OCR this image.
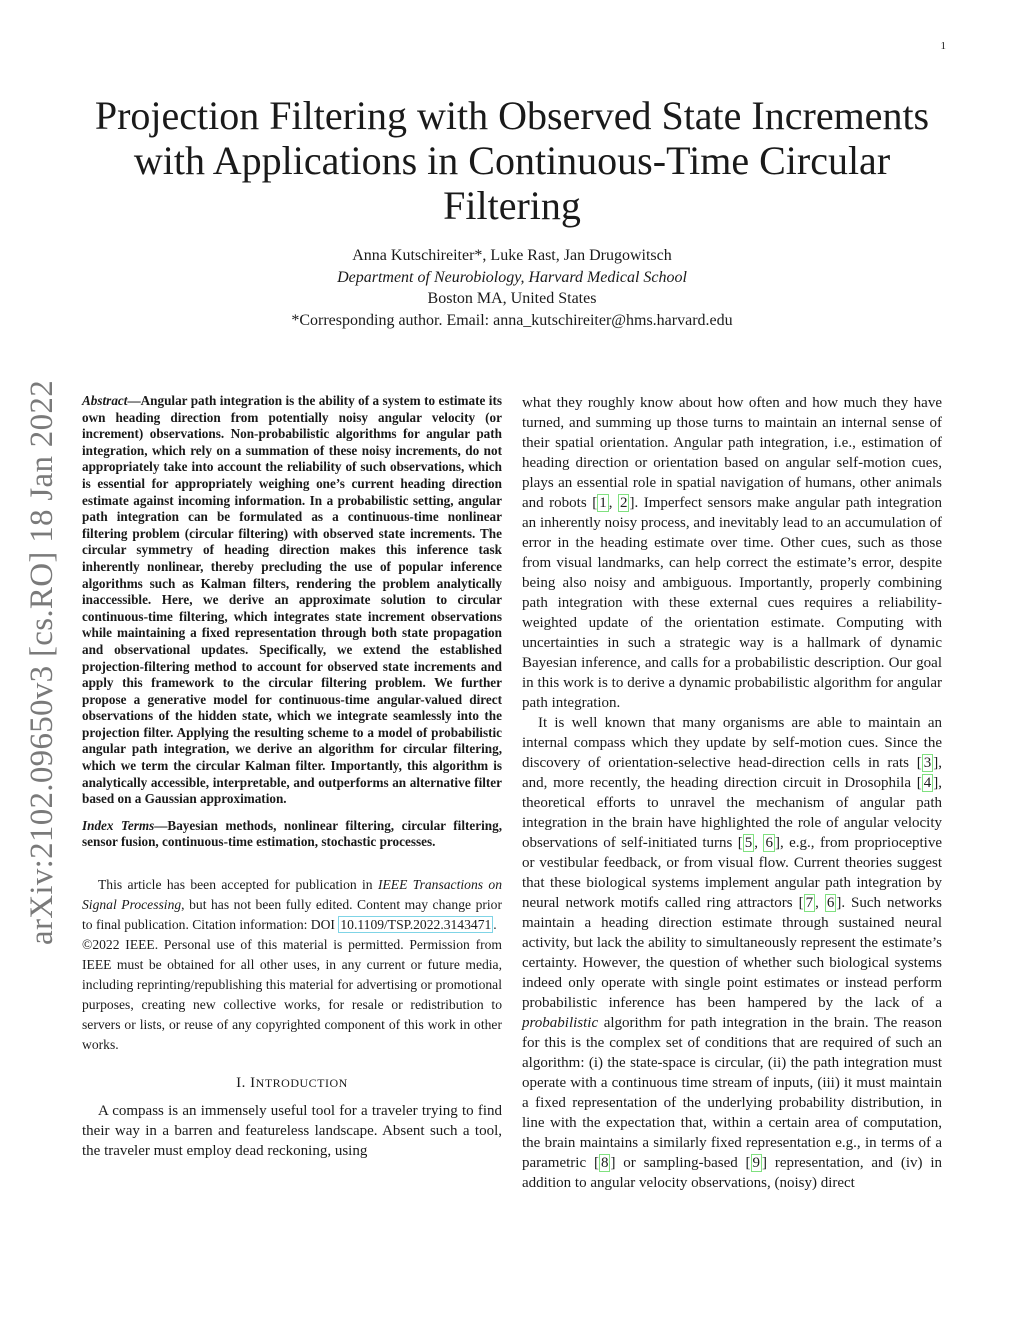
1
arXiv:2102.09650v3 [cs.RO] 18 Jan 2022
Projection Filtering with Observed State Increments with Applications in Continuous-Time Circular Filtering
Anna Kutschireiter*, Luke Rast, Jan Drugowitsch
Department of Neurobiology, Harvard Medical School
Boston MA, United States
*Corresponding author. Email: anna_kutschireiter@hms.harvard.edu

Abstract—Angular path integration is the ability of a system to estimate its own heading direction from potentially noisy angular velocity (or increment) observations. Non-probabilistic algorithms for angular path integration, which rely on a summation of these noisy increments, do not appropriately take into account the reliability of such observations, which is essential for appropriately weighing one’s current heading direction estimate against incoming information. In a probabilistic setting, angular path integration can be formulated as a continuous-time nonlinear filtering problem (circular filtering) with observed state increments. The circular symmetry of heading direction makes this inference task inherently nonlinear, thereby precluding the use of popular inference algorithms such as Kalman filters, rendering the problem analytically inaccessible. Here, we derive an approximate solution to circular continuous-time filtering, which integrates state increment observations while maintaining a fixed representation through both state propagation and observational updates. Specifically, we extend the established projection-filtering method to account for observed state increments and apply this framework to the circular filtering problem. We further propose a generative model for continuous-time angular-valued direct observations of the hidden state, which we integrate seamlessly into the projection filter. Applying the resulting scheme to a model of probabilistic angular path integration, we derive an algorithm for circular filtering, which we term the circular Kalman filter. Importantly, this algorithm is analytically accessible, interpretable, and outperforms an alternative filter based on a Gaussian approximation.

Index Terms—Bayesian methods, nonlinear filtering, circular filtering, sensor fusion, continuous-time estimation, stochastic processes.

This article has been accepted for publication in IEEE Transactions on Signal Processing, but has not been fully edited. Content may change prior to final publication. Citation information: DOI 10.1109/TSP.2022.3143471 .

©2022 IEEE. Personal use of this material is permitted. Permission from IEEE must be obtained for all other uses, in any current or future media, including reprinting/republishing this material for advertising or promotional purposes, creating new collective works, for resale or redistribution to servers or lists, or reuse of any copyrighted component of this work in other works.

I. INTRODUCTION

A compass is an immensely useful tool for a traveler trying to find their way in a barren and featureless landscape. Absent such a tool, the traveler must employ dead reckoning, using

what they roughly know about how often and how much they have turned, and summing up those turns to maintain an internal sense of their spatial orientation. Angular path integration, i.e., estimation of heading direction or orientation based on angular self-motion cues, plays an essential role in spatial navigation of humans, other animals and robots [ 1 , 2 ]. Imperfect sensors make angular path integration an inherently noisy process, and inevitably lead to an accumulation of error in the heading estimate over time. Other cues, such as those from visual landmarks, can help correct the estimate’s error, despite being also noisy and ambiguous. Importantly, properly combining path integration with these external cues requires a reliability-weighted update of the orientation estimate. Computing with uncertainties in such a strategic way is a hallmark of dynamic Bayesian inference, and calls for a probabilistic description. Our goal in this work is to derive a dynamic probabilistic algorithm for angular path integration.

It is well known that many organisms are able to maintain an internal compass which they update by self-motion cues. Since the discovery of orientation-selective head-direction cells in rats [ 3 ], and, more recently, the heading direction circuit in Drosophila [ 4 ], theoretical efforts to unravel the mechanism of angular path integration in the brain have highlighted the role of angular velocity observations of self-initiated turns [ 5 , 6 ], e.g., from proprioceptive or vestibular feedback, or from visual flow. Current theories suggest that these biological systems implement angular path integration by neural network motifs called ring attractors [ 7 , 6 ]. Such networks maintain a heading direction estimate through sustained neural activity, but lack the ability to simultaneously represent the estimate’s certainty. However, the question of whether such biological systems indeed only operate with single point estimates or instead perform probabilistic inference has been hampered by the lack of a probabilistic algorithm for path integration in the brain. The reason for this is the complex set of conditions that are required of such an algorithm: (i) the state-space is circular, (ii) the path integration must operate with a continuous time stream of inputs, (iii) it must maintain a fixed representation of the underlying probability distribution, in line with the expectation that, within a certain area of computation, the brain maintains a similarly fixed representation e.g., in terms of a parametric [ 8 ] or sampling-based [ 9 ] representation, and (iv) in addition to angular velocity observations, (noisy) direct
